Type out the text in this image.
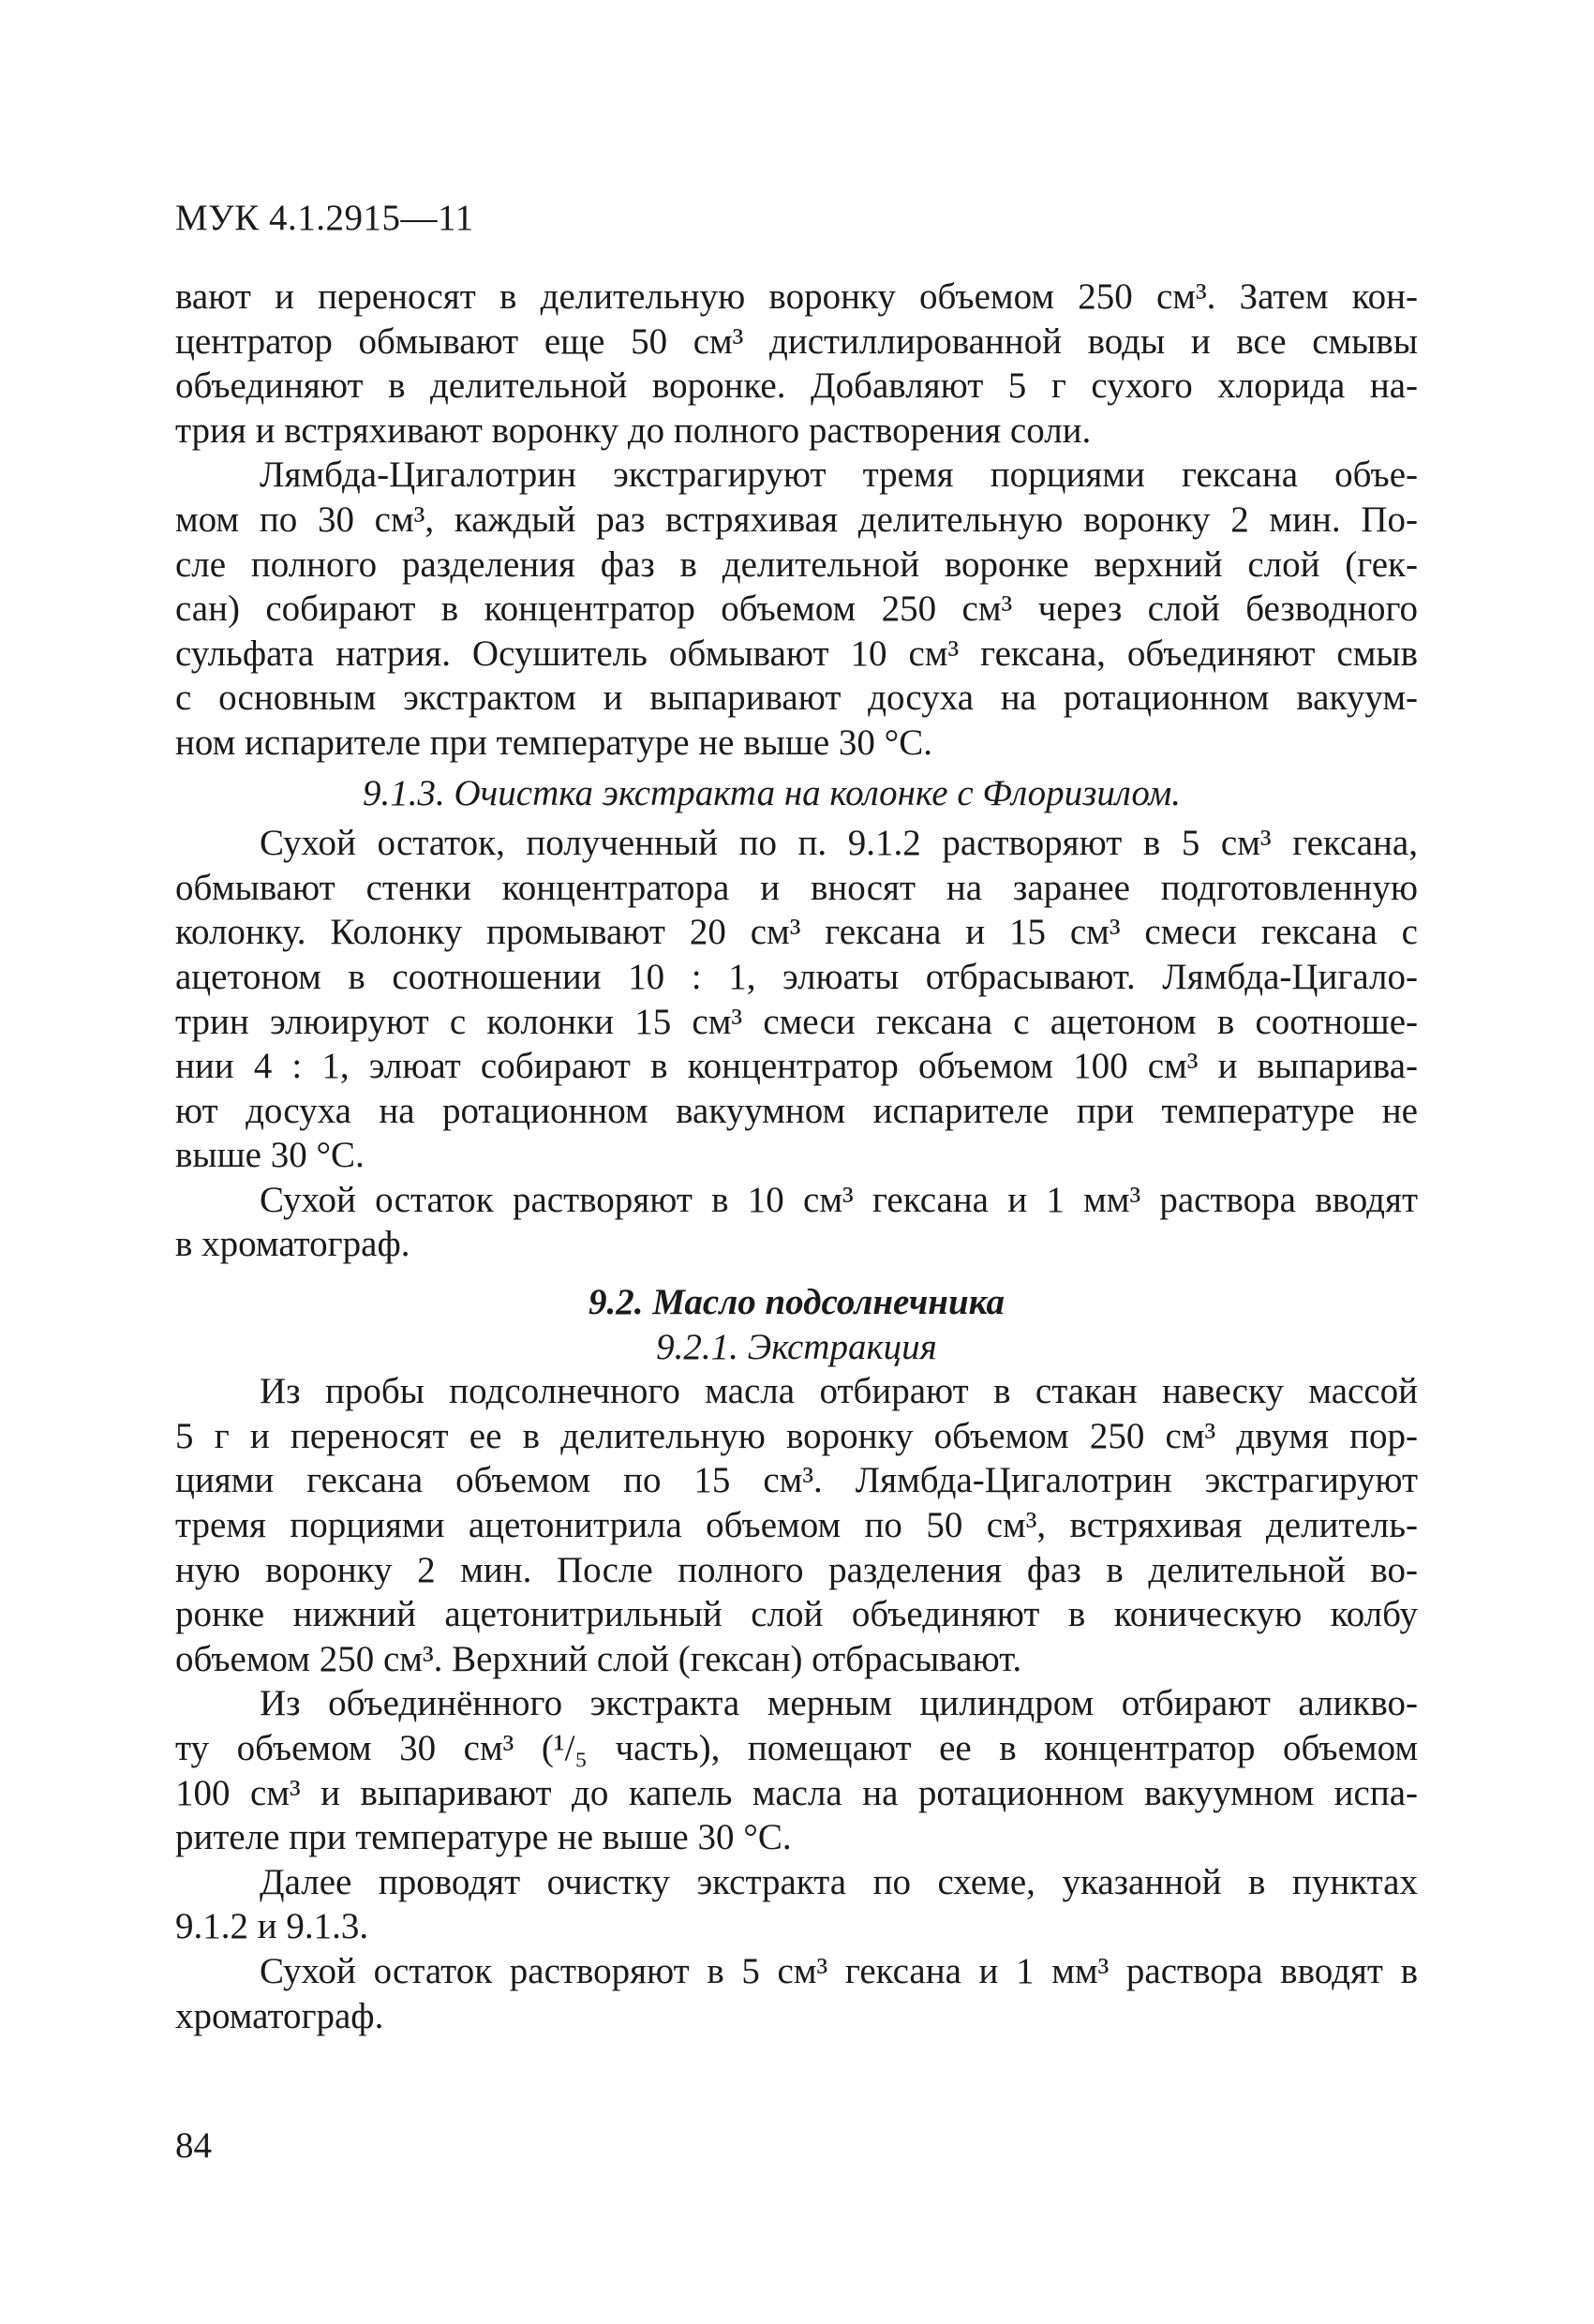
МУК 4.1.2915—11

вают и переносят в делительную воронку объемом 250 см³. Затем кон-
центратор обмывают еще 50 см³ дистиллированной воды и все смывы
объединяют в делительной воронке. Добавляют 5 г сухого хлорида на-
трия и встряхивают воронку до полного растворения соли.
Лямбда-Цигалотрин экстрагируют тремя порциями гексана объе-
мом по 30 см³, каждый раз встряхивая делительную воронку 2 мин. По-
сле полного разделения фаз в делительной воронке верхний слой (гек-
сан) собирают в концентратор объемом 250 см³ через слой безводного
сульфата натрия. Осушитель обмывают 10 см³ гексана, объединяют смыв
с основным экстрактом и выпаривают досуха на ротационном вакуум-
ном испарителе при температуре не выше 30 °С.
9.1.3. Очистка экстракта на колонке с Флоризилом.
Сухой остаток, полученный по п. 9.1.2 растворяют в 5 см³ гексана,
обмывают стенки концентратора и вносят на заранее подготовленную
колонку. Колонку промывают 20 см³ гексана и 15 см³ смеси гексана с
ацетоном в соотношении 10 : 1, элюаты отбрасывают. Лямбда-Цигало-
трин элюируют с колонки 15 см³ смеси гексана с ацетоном в соотноше-
нии 4 : 1, элюат собирают в концентратор объемом 100 см³ и выпарива-
ют досуха на ротационном вакуумном испарителе при температуре не
выше 30 °С.
Сухой остаток растворяют в 10 см³ гексана и 1 мм³ раствора вводят
в хроматограф.
9.2. Масло подсолнечника
9.2.1. Экстракция
Из пробы подсолнечного масла отбирают в стакан навеску массой
5 г и переносят ее в делительную воронку объемом 250 см³ двумя пор-
циями гексана объемом по 15 см³. Лямбда-Цигалотрин экстрагируют
тремя порциями ацетонитрила объемом по 50 см³, встряхивая делитель-
ную воронку 2 мин. После полного разделения фаз в делительной во-
ронке нижний ацетонитрильный слой объединяют в коническую колбу
объемом 250 см³. Верхний слой (гексан) отбрасывают.
Из объединённого экстракта мерным цилиндром отбирают аликво-
ту объемом 30 см³ (¹/₅ часть), помещают ее в концентратор объемом
100 см³ и выпаривают до капель масла на ротационном вакуумном испа-
рителе при температуре не выше 30 °С.
Далее проводят очистку экстракта по схеме, указанной в пунктах
9.1.2 и 9.1.3.
Сухой остаток растворяют в 5 см³ гексана и 1 мм³ раствора вводят в
хроматограф.

84
